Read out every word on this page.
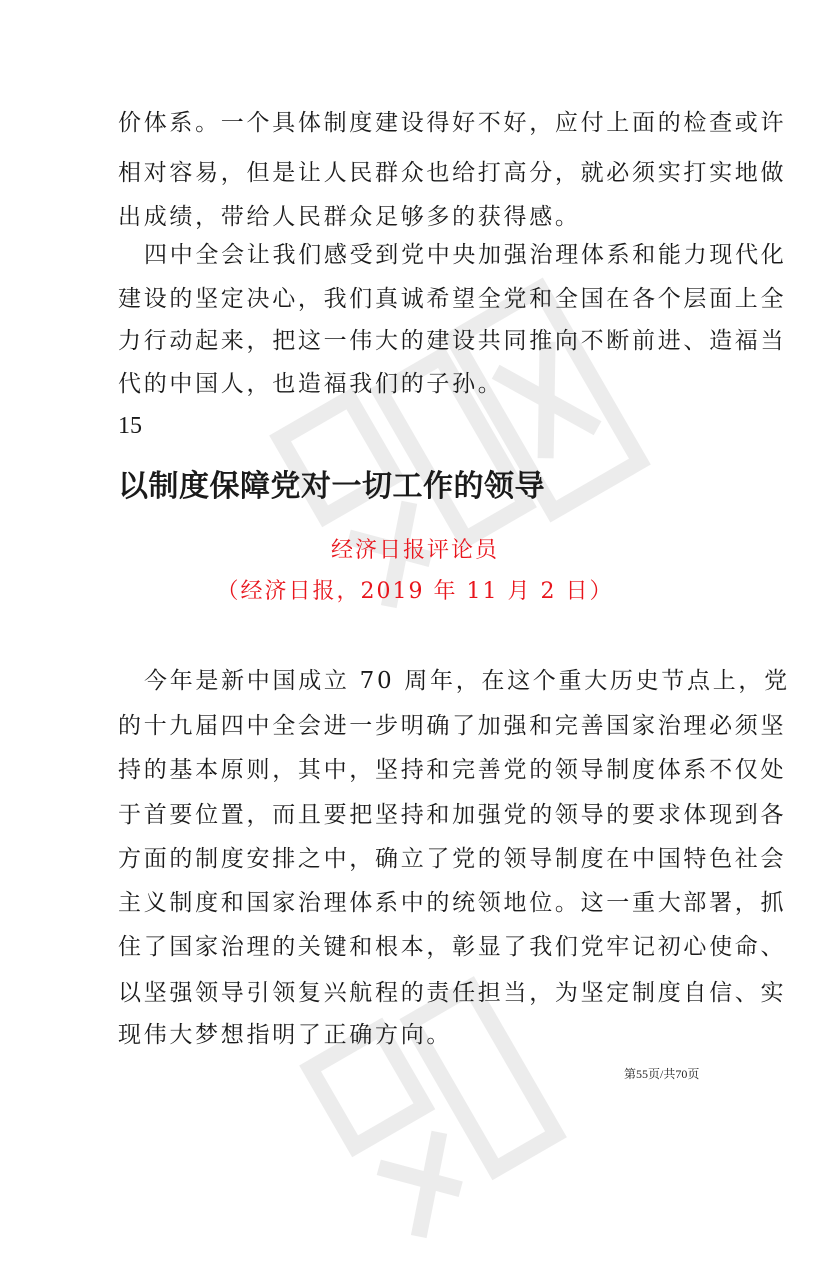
价体系。一个具体制度建设得好不好，应付上面的检查或许
相对容易，但是让人民群众也给打高分，就必须实打实地做
出成绩，带给人民群众足够多的获得感。
四中全会让我们感受到党中央加强治理体系和能力现代化
建设的坚定决心，我们真诚希望全党和全国在各个层面上全
力行动起来，把这一伟大的建设共同推向不断前进、造福当
代的中国人，也造福我们的子孙。
15
以制度保障党对一切工作的领导
经济日报评论员
（经济日报，2019 年 11 月 2 日）
今年是新中国成立 70 周年，在这个重大历史节点上，党
的十九届四中全会进一步明确了加强和完善国家治理必须坚
持的基本原则，其中，坚持和完善党的领导制度体系不仅处
于首要位置，而且要把坚持和加强党的领导的要求体现到各
方面的制度安排之中，确立了党的领导制度在中国特色社会
主义制度和国家治理体系中的统领地位。这一重大部署，抓
住了国家治理的关键和根本，彰显了我们党牢记初心使命、
以坚强领导引领复兴航程的责任担当，为坚定制度自信、实
现伟大梦想指明了正确方向。
第55页/共70页
